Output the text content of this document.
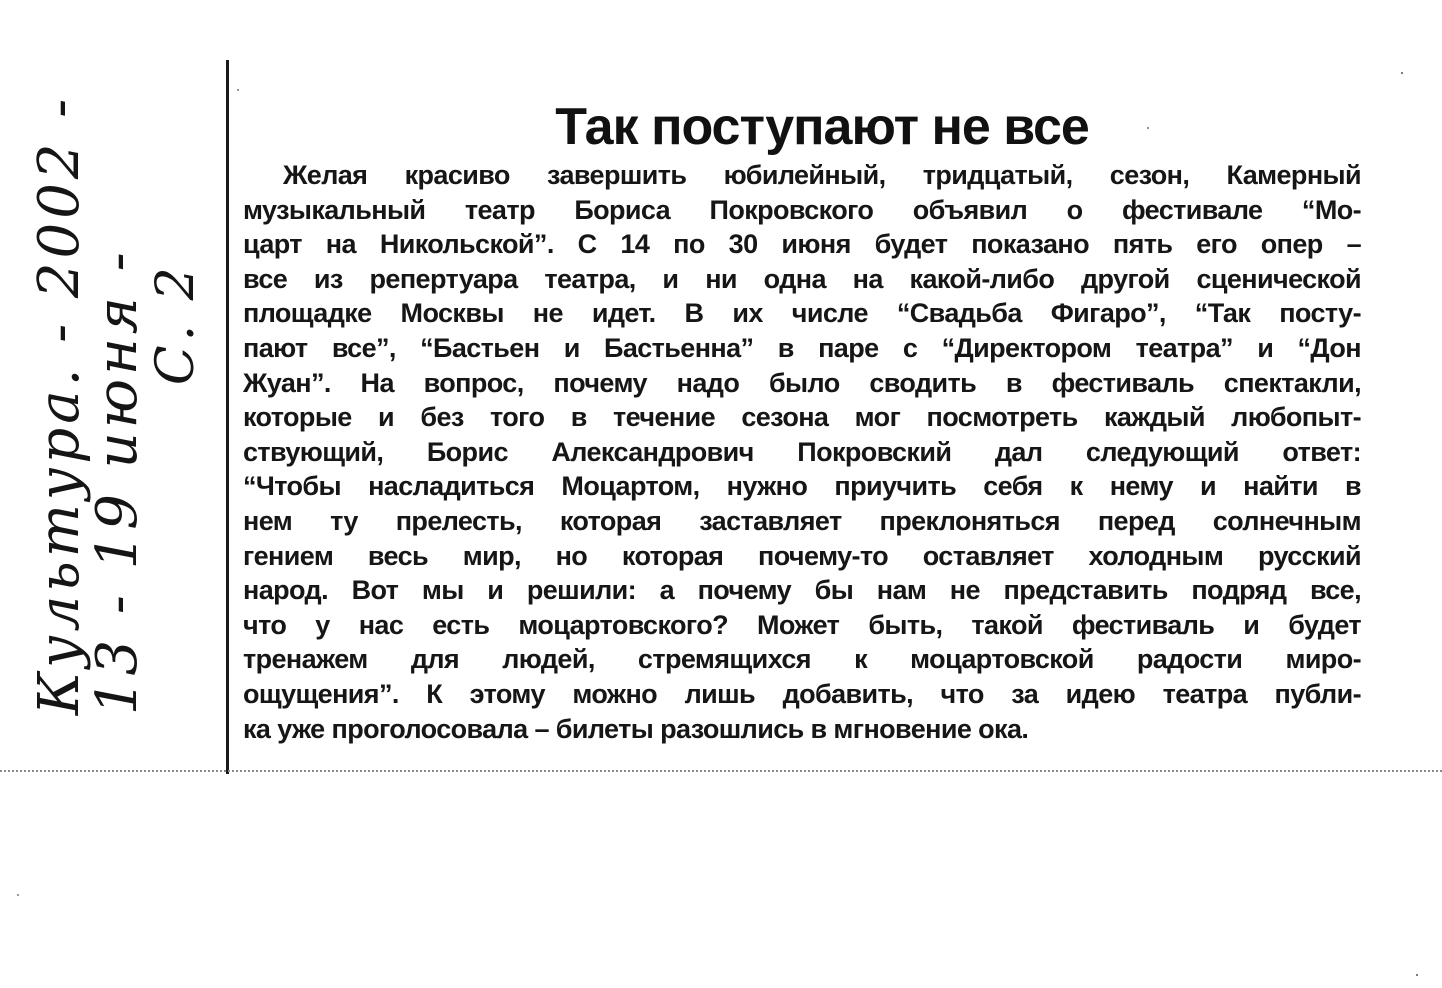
Культура. - 2002 -
13 - 19 июня -
С. 2
Так поступают не все
Желая красиво завершить юбилейный, тридцатый, сезон, Камерный
музыкальный театр Бориса Покровского объявил о фестивале “Мо-
царт на Никольской”. С 14 по 30 июня будет показано пять его опер –
все из репертуара театра, и ни одна на какой-либо другой сценической
площадке Москвы не идет. В их числе “Свадьба Фигаро”, “Так посту-
пают все”, “Бастьен и Бастьенна” в паре с “Директором театра” и “Дон
Жуан”. На вопрос, почему надо было сводить в фестиваль спектакли,
которые и без того в течение сезона мог посмотреть каждый любопыт-
ствующий, Борис Александрович Покровский дал следующий ответ:
“Чтобы насладиться Моцартом, нужно приучить себя к нему и найти в
нем ту прелесть, которая заставляет преклоняться перед солнечным
гением весь мир, но которая почему-то оставляет холодным русский
народ. Вот мы и решили: а почему бы нам не представить подряд все,
что у нас есть моцартовского? Может быть, такой фестиваль и будет
тренажем для людей, стремящихся к моцартовской радости миро-
ощущения”. К этому можно лишь добавить, что за идею театра публи-
ка уже проголосовала – билеты разошлись в мгновение ока.
